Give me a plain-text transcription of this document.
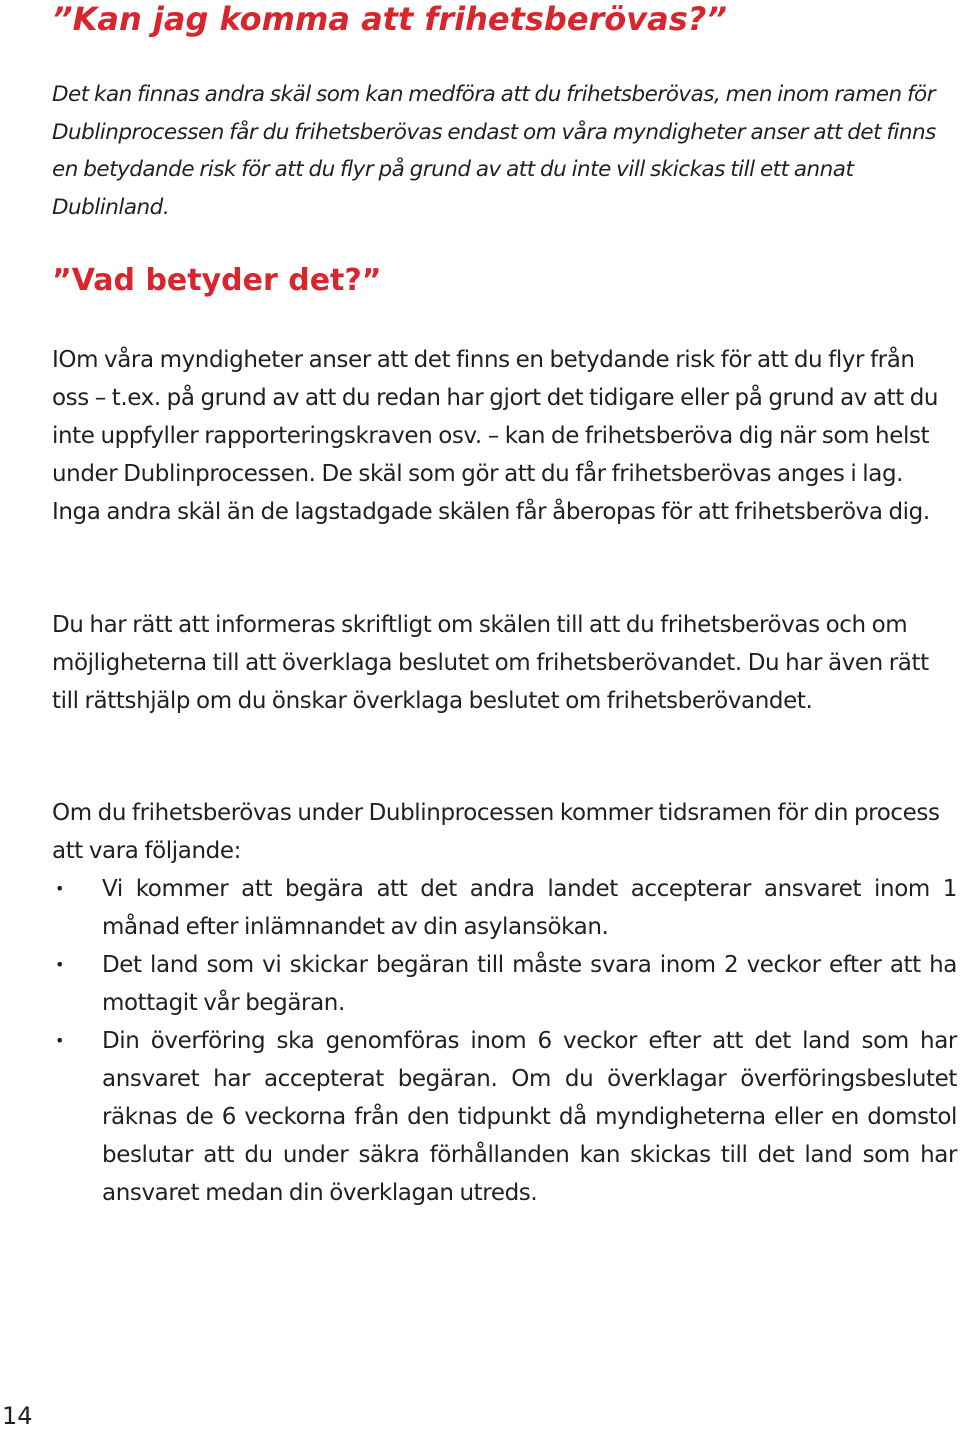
”Kan jag komma att frihetsberövas?”

Det kan finnas andra skäl som kan medföra att du frihetsberövas, men inom ramen för Dublinprocessen får du frihetsberövas endast om våra myndigheter anser att det finns en betydande risk för att du flyr på grund av att du inte vill skickas till ett annat Dublinland.

”Vad betyder det?”

IOm våra myndigheter anser att det finns en betydande risk för att du flyr från oss – t.ex. på grund av att du redan har gjort det tidigare eller på grund av att du inte uppfyller rapporteringskraven osv. – kan de frihetsberöva dig när som helst under Dublinprocessen. De skäl som gör att du får frihetsberövas anges i lag. Inga andra skäl än de lagstadgade skälen får åberopas för att frihetsberöva dig.

Du har rätt att informeras skriftligt om skälen till att du frihetsberövas och om möjligheterna till att överklaga beslutet om frihetsberövandet. Du har även rätt till rättshjälp om du önskar överklaga beslutet om frihetsberövandet.

Om du frihetsberövas under Dublinprocessen kommer tidsramen för din process att vara följande:

• Vi kommer att begära att det andra landet accepterar ansvaret inom 1 månad efter inlämnandet av din asylansökan.
• Det land som vi skickar begäran till måste svara inom 2 veckor efter att ha mottagit vår begäran.
• Din överföring ska genomföras inom 6 veckor efter att det land som har ansvaret har accepterat begäran. Om du överklagar överföringsbeslutet räknas de 6 veckorna från den tidpunkt då myndigheterna eller en domstol beslutar att du under säkra förhållanden kan skickas till det land som har ansvaret medan din överklagan utreds.
14
